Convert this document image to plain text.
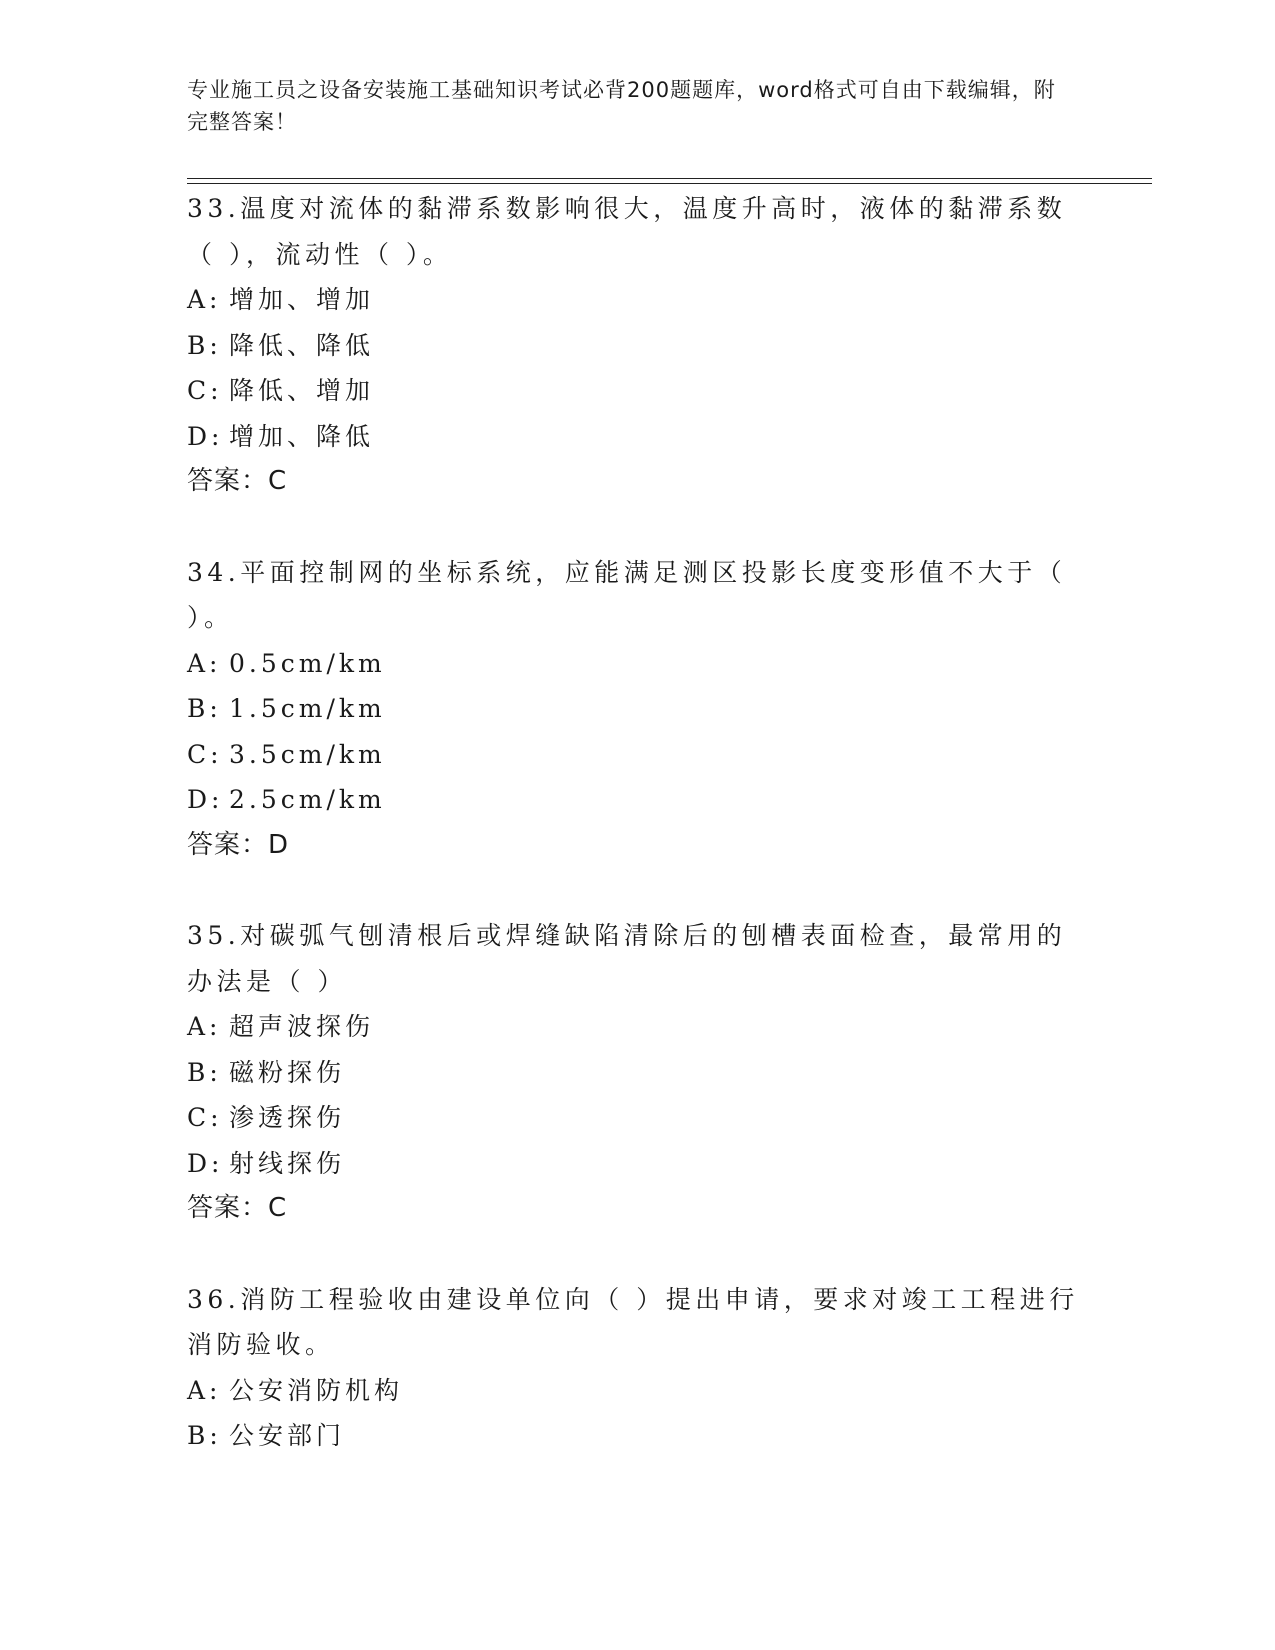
专业施工员之设备安装施工基础知识考试必背200题题库，word格式可自由下载编辑，附完整答案！
33.温度对流体的黏滞系数影响很大，温度升高时，液体的黏滞系数（ ），流动性（ ）。
A: 增加、增加
B: 降低、降低
C: 降低、增加
D: 增加、降低
答案：C
34.平面控制网的坐标系统，应能满足测区投影长度变形值不大于（ ）。
A: 0.5cm/km
B: 1.5cm/km
C: 3.5cm/km
D: 2.5cm/km
答案：D
35.对碳弧气刨清根后或焊缝缺陷清除后的刨槽表面检查，最常用的办法是（ ）
A: 超声波探伤
B: 磁粉探伤
C: 渗透探伤
D: 射线探伤
答案：C
36.消防工程验收由建设单位向（ ）提出申请，要求对竣工工程进行消防验收。
A: 公安消防机构
B: 公安部门
